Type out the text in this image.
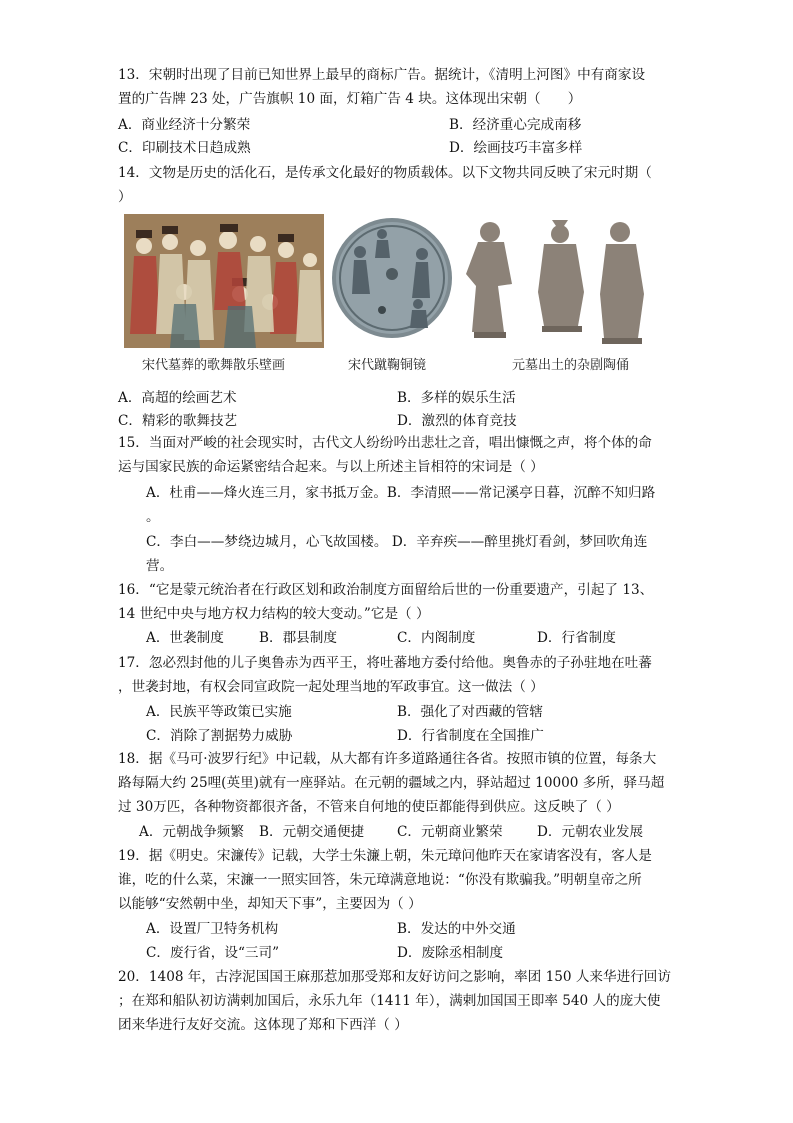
13．宋朝时出现了目前已知世界上最早的商标广告。据统计，《清明上河图》中有商家设
置的广告牌 23 处，广告旗帜 10 面，灯箱广告 4 块。这体现出宋朝（　　）
A．商业经济十分繁荣	B．经济重心完成南移
C．印刷技术日趋成熟	D．绘画技巧丰富多样
14．文物是历史的活化石，是传承文化最好的物质载体。以下文物共同反映了宋元时期（
）
宋代墓葬的歌舞散乐壁画	宋代蹴鞠铜镜	元墓出土的杂剧陶俑
A．高超的绘画艺术	B．多样的娱乐生活
C．精彩的歌舞技艺	D．激烈的体育竞技
15．当面对严峻的社会现实时，古代文人纷纷吟出悲壮之音，唱出慷慨之声，将个体的命
运与国家民族的命运紧密结合起来。与以上所述主旨相符的宋词是（ ）
A．杜甫——烽火连三月，家书抵万金。B．李清照——常记溪亭日暮，沉醉不知归路
。
C．李白——梦绕边城月，心飞故国楼。 D．辛弃疾——醉里挑灯看剑，梦回吹角连
营。
16．“它是蒙元统治者在行政区划和政治制度方面留给后世的一份重要遗产，引起了 13、
14 世纪中央与地方权力结构的较大变动。”它是（ ）
A．世袭制度	B．郡县制度	C．内阁制度	D．行省制度
17．忽必烈封他的儿子奥鲁赤为西平王，将吐蕃地方委付给他。奥鲁赤的子孙驻地在吐蕃
，世袭封地，有权会同宣政院一起处理当地的军政事宜。这一做法（ ）
A．民族平等政策已实施	B．强化了对西藏的管辖
C．消除了割据势力威胁	D．行省制度在全国推广
18．据《马可·波罗行纪》中记载，从大都有许多道路通往各省。按照市镇的位置，每条大
路每隔大约 25哩(英里)就有一座驿站。在元朝的疆域之内，驿站超过 10000 多所，驿马超
过 30万匹，各种物资都很齐备，不管来自何地的使臣都能得到供应。这反映了（ ）
A．元朝战争频繁 B．元朝交通便捷 C．元朝商业繁荣	D．元朝农业发展
19．据《明史。宋濂传》记载，大学士朱濂上朝，朱元璋问他昨天在家请客没有，客人是
谁，吃的什么菜，宋濂一一照实回答，朱元璋满意地说：“你没有欺骗我。”明朝皇帝之所
以能够“安然朝中坐，却知天下事”，主要因为（ ）
A．设置厂卫特务机构	B．发达的中外交通
C．废行省，设“三司”	D．废除丞相制度
20．1408 年，古浡泥国国王麻那惹加那受郑和友好访问之影响，率团 150 人来华进行回访
；在郑和船队初访满剌加国后，永乐九年（1411 年），满剌加国国王即率 540 人的庞大使
团来华进行友好交流。这体现了郑和下西洋（ ）
